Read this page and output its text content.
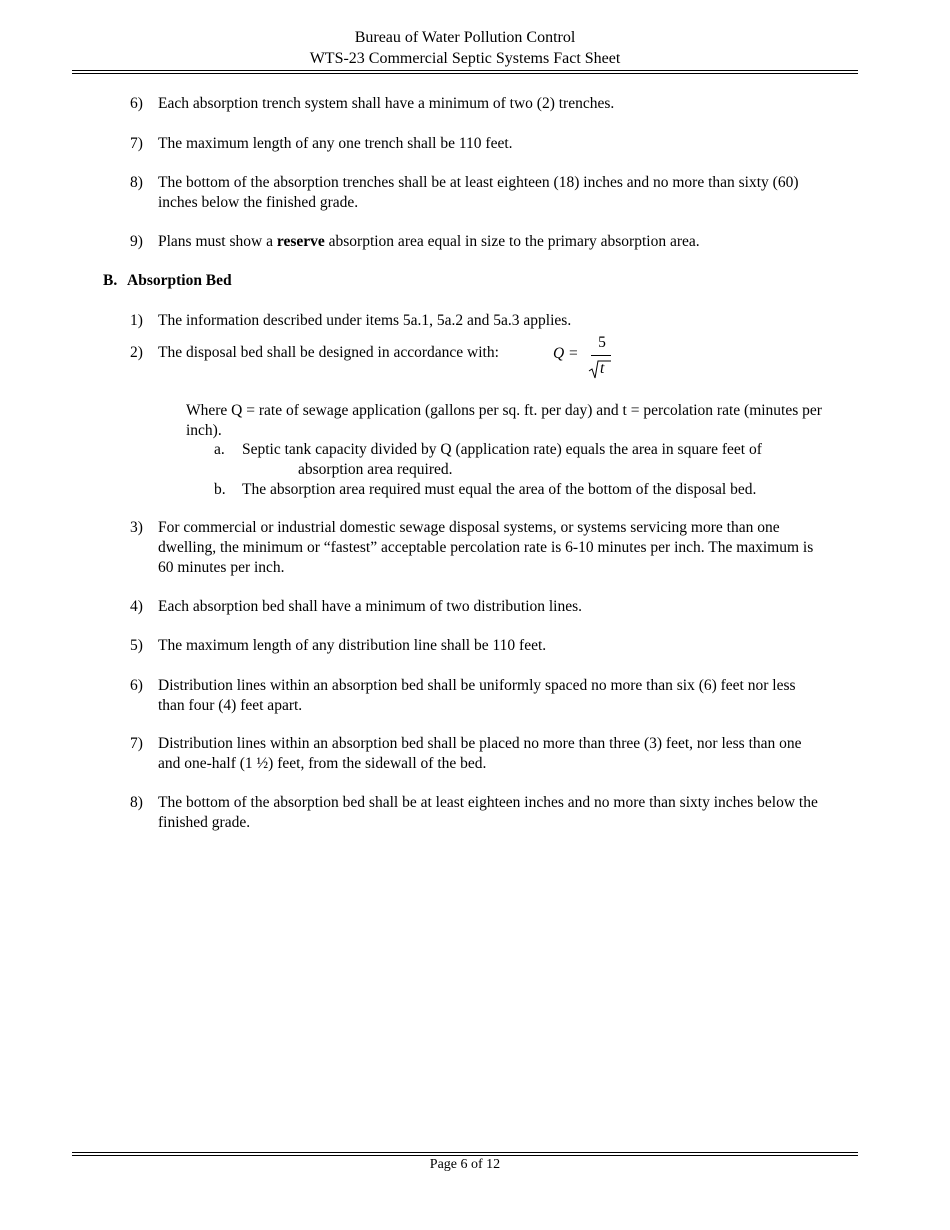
Bureau of Water Pollution Control
WTS-23 Commercial Septic Systems Fact Sheet
6) Each absorption trench system shall have a minimum of two (2) trenches.
7) The maximum length of any one trench shall be 110 feet.
8) The bottom of the absorption trenches shall be at least eighteen (18) inches and no more than sixty (60) inches below the finished grade.
9) Plans must show a reserve absorption area equal in size to the primary absorption area.
B. Absorption Bed
1) The information described under items 5a.1, 5a.2 and 5a.3 applies.
2) The disposal bed shall be designed in accordance with:	Q =
5
t
Where Q = rate of sewage application (gallons per sq. ft. per day) and t = percolation rate (minutes per inch).
a. Septic tank capacity divided by Q (application rate) equals the area in square feet of
absorption area required.
b. The absorption area required must equal the area of the bottom of the disposal bed.
3) For commercial or industrial domestic sewage disposal systems, or systems servicing more than one dwelling, the minimum or “fastest” acceptable percolation rate is 6-10 minutes per inch. The maximum is 60 minutes per inch.
4) Each absorption bed shall have a minimum of two distribution lines.
5) The maximum length of any distribution line shall be 110 feet.
6) Distribution lines within an absorption bed shall be uniformly spaced no more than six (6) feet nor less than four (4) feet apart.
7) Distribution lines within an absorption bed shall be placed no more than three (3) feet, nor less than one and one-half (1 ½) feet, from the sidewall of the bed.
8) The bottom of the absorption bed shall be at least eighteen inches and no more than sixty inches below the finished grade.
Page 6 of 12
